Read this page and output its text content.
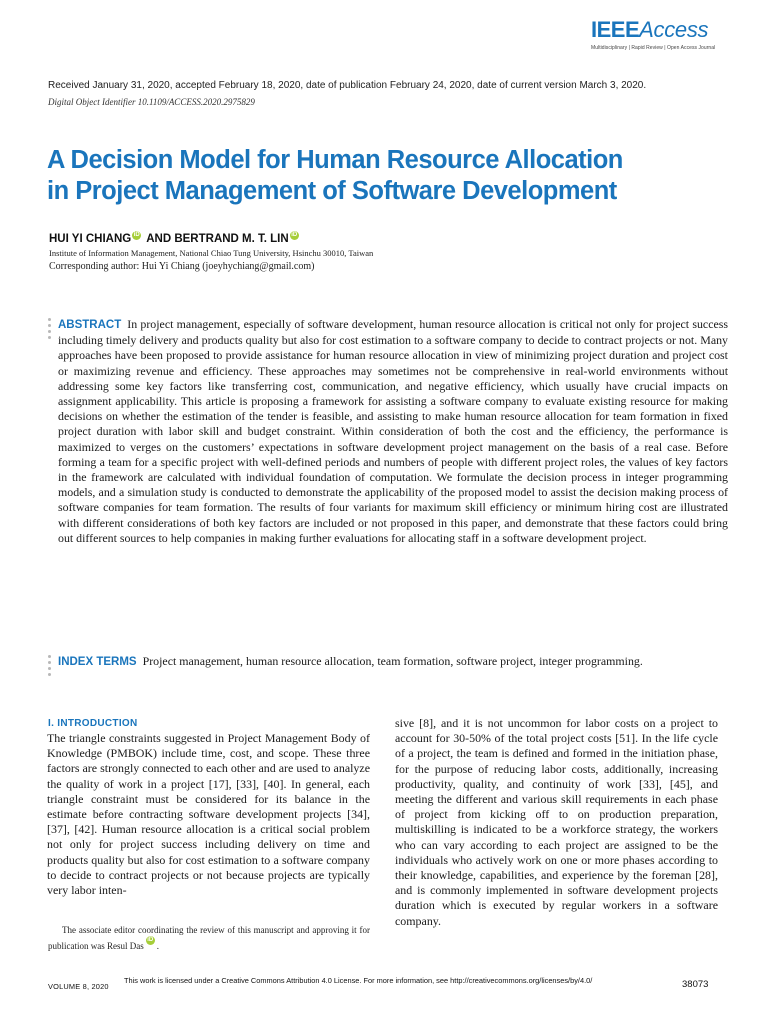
IEEEAccess
Multidisciplinary | Rapid Review | Open Access Journal
Received January 31, 2020, accepted February 18, 2020, date of publication February 24, 2020, date of current version March 3, 2020.
Digital Object Identifier 10.1109/ACCESS.2020.2975829
A Decision Model for Human Resource Allocation
in Project Management of Software Development
HUI YI CHIANG iD AND BERTRAND M. T. LIN iD
Institute of Information Management, National Chiao Tung University, Hsinchu 30010, Taiwan
Corresponding author: Hui Yi Chiang (joeyhychiang@gmail.com)
ABSTRACT In project management, especially of software development, human resource allocation is critical not only for project success including timely delivery and products quality but also for cost estimation to a software company to decide to contract projects or not. Many approaches have been proposed to provide assistance for human resource allocation in view of minimizing project duration and project cost or maximizing revenue and efficiency. These approaches may sometimes not be comprehensive in real-world environments without addressing some key factors like transferring cost, communication, and negative efficiency, which usually have crucial impacts on assignment applicability. This article is proposing a framework for assisting a software company to evaluate existing resource for making decisions on whether the estimation of the tender is feasible, and assisting to make human resource allocation for team formation in fixed project duration with labor skill and budget constraint. Within consideration of both the cost and the efficiency, the performance is maximized to verges on the customers’ expectations in software development project management on the basis of a real case. Before forming a team for a specific project with well-defined periods and numbers of people with different project roles, the values of key factors in the framework are calculated with individual foundation of computation. We formulate the decision process in integer programming models, and a simulation study is conducted to demonstrate the applicability of the proposed model to assist the decision making process of software companies for team formation. The results of four variants for maximum skill efficiency or minimum hiring cost are illustrated with different considerations of both key factors are included or not proposed in this paper, and demonstrate that these factors could bring out different sources to help companies in making further evaluations for allocating staff in a software development project.
INDEX TERMS Project management, human resource allocation, team formation, software project, integer programming.
I. INTRODUCTION
The triangle constraints suggested in Project Management Body of Knowledge (PMBOK) include time, cost, and scope. These three factors are strongly connected to each other and are used to analyze the quality of work in a project [17], [33], [40]. In general, each triangle constraint must be considered for its balance in the estimate before contracting software development projects [34], [37], [42]. Human resource allocation is a critical social problem not only for project success including delivery on time and products quality but also for cost estimation to a software company to decide to contract projects or not because projects are typically very labor inten-
sive [8], and it is not uncommon for labor costs on a project to account for 30-50% of the total project costs [51]. In the life cycle of a project, the team is defined and formed in the initiation phase, for the purpose of reducing labor costs, additionally, increasing productivity, quality, and continuity of work [33], [45], and meeting the different and various skill requirements in each phase of project from kicking off to on production preparation, multiskilling is indicated to be a workforce strategy, the workers who can vary according to each project are assigned to be the individuals who actively work on one or more phases according to their knowledge, capabilities, and experience by the foreman [28], and is commonly implemented in software development projects duration which is executed by regular workers in a software company.
The associate editor coordinating the review of this manuscript and approving it for publication was Resul Das
iD
.
This work is licensed under a Creative Commons Attribution 4.0 License. For more information, see http://creativecommons.org/licenses/by/4.0/
VOLUME 8, 2020	38073
